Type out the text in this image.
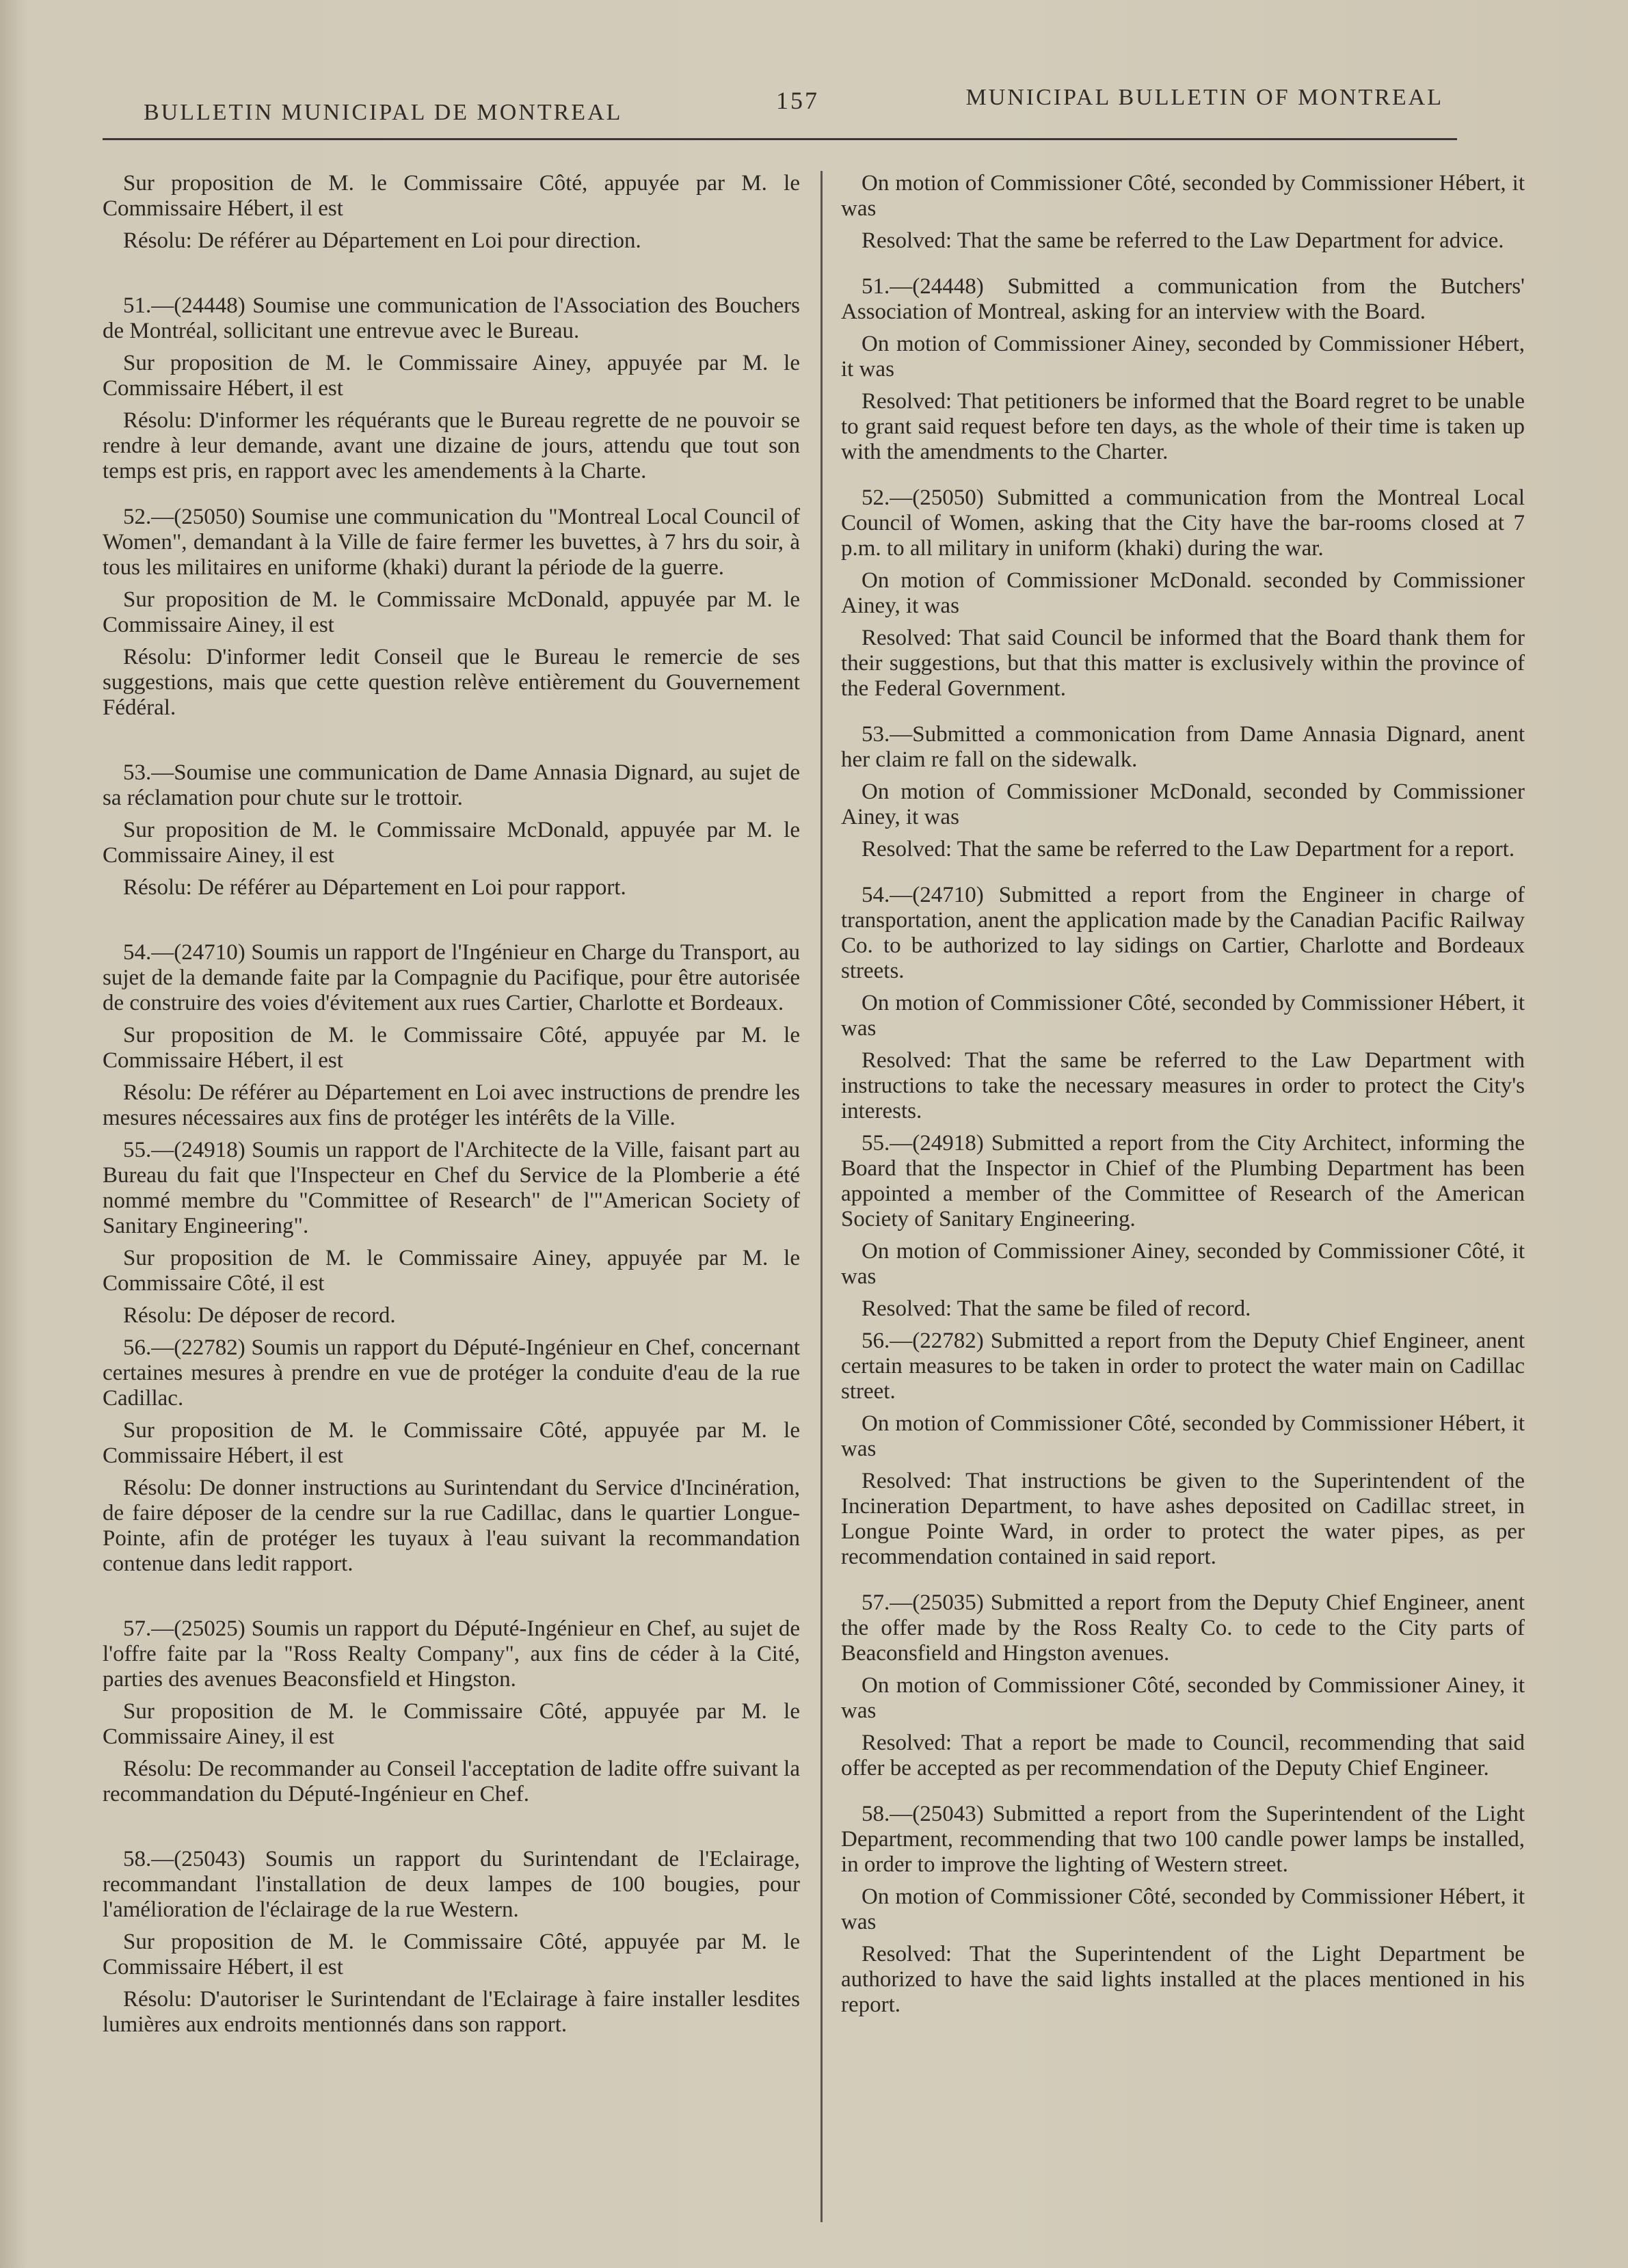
BULLETIN MUNICIPAL DE MONTREAL	157	MUNICIPAL BULLETIN OF MONTREAL

Sur proposition de M. le Commissaire Côté, appuyée par M. le Commissaire Hébert, il est

Résolu: De référer au Département en Loi pour direction.

51.—(24448) Soumise une communication de l'Association des Bouchers de Montréal, sollicitant une entrevue avec le Bureau.

Sur proposition de M. le Commissaire Ainey, appuyée par M. le Commissaire Hébert, il est

Résolu: D'informer les réquérants que le Bureau regrette de ne pouvoir se rendre à leur demande, avant une dizaine de jours, attendu que tout son temps est pris, en rapport avec les amendements à la Charte.

52.—(25050) Soumise une communication du "Montreal Local Council of Women", demandant à la Ville de faire fermer les buvettes, à 7 hrs du soir, à tous les militaires en uniforme (khaki) durant la période de la guerre.

Sur proposition de M. le Commissaire McDonald, appuyée par M. le Commissaire Ainey, il est

Résolu: D'informer ledit Conseil que le Bureau le remercie de ses suggestions, mais que cette question relève entièrement du Gouvernement Fédéral.

53.—Soumise une communication de Dame Annasia Dignard, au sujet de sa réclamation pour chute sur le trottoir.

Sur proposition de M. le Commissaire McDonald, appuyée par M. le Commissaire Ainey, il est

Résolu: De référer au Département en Loi pour rapport.

54.—(24710) Soumis un rapport de l'Ingénieur en Charge du Transport, au sujet de la demande faite par la Compagnie du Pacifique, pour être autorisée de construire des voies d'évitement aux rues Cartier, Charlotte et Bordeaux.

Sur proposition de M. le Commissaire Côté, appuyée par M. le Commissaire Hébert, il est

Résolu: De référer au Département en Loi avec instructions de prendre les mesures nécessaires aux fins de protéger les intérêts de la Ville.

55.—(24918) Soumis un rapport de l'Architecte de la Ville, faisant part au Bureau du fait que l'Inspecteur en Chef du Service de la Plomberie a été nommé membre du "Committee of Research" de l'"American Society of Sanitary Engineering".

Sur proposition de M. le Commissaire Ainey, appuyée par M. le Commissaire Côté, il est

Résolu: De déposer de record.

56.—(22782) Soumis un rapport du Député-Ingénieur en Chef, concernant certaines mesures à prendre en vue de protéger la conduite d'eau de la rue Cadillac.

Sur proposition de M. le Commissaire Côté, appuyée par M. le Commissaire Hébert, il est

Résolu: De donner instructions au Surintendant du Service d'Incinération, de faire déposer de la cendre sur la rue Cadillac, dans le quartier Longue-Pointe, afin de protéger les tuyaux à l'eau suivant la recommandation contenue dans ledit rapport.

57.—(25025) Soumis un rapport du Député-Ingénieur en Chef, au sujet de l'offre faite par la "Ross Realty Company", aux fins de céder à la Cité, parties des avenues Beaconsfield et Hingston.

Sur proposition de M. le Commissaire Côté, appuyée par M. le Commissaire Ainey, il est

Résolu: De recommander au Conseil l'acceptation de ladite offre suivant la recommandation du Député-Ingénieur en Chef.

58.—(25043) Soumis un rapport du Surintendant de l'Eclairage, recommandant l'installation de deux lampes de 100 bougies, pour l'amélioration de l'éclairage de la rue Western.

Sur proposition de M. le Commissaire Côté, appuyée par M. le Commissaire Hébert, il est

Résolu: D'autoriser le Surintendant de l'Eclairage à faire installer lesdites lumières aux endroits mentionnés dans son rapport.

On motion of Commissioner Côté, seconded by Commissioner Hébert, it was

Resolved: That the same be referred to the Law Department for advice.

51.—(24448) Submitted a communication from the Butchers' Association of Montreal, asking for an interview with the Board.

On motion of Commissioner Ainey, seconded by Commissioner Hébert, it was

Resolved: That petitioners be informed that the Board regret to be unable to grant said request before ten days, as the whole of their time is taken up with the amendments to the Charter.

52.—(25050) Submitted a communication from the Montreal Local Council of Women, asking that the City have the bar-rooms closed at 7 p.m. to all military in uniform (khaki) during the war.

On motion of Commissioner McDonald. seconded by Commissioner Ainey, it was

Resolved: That said Council be informed that the Board thank them for their suggestions, but that this matter is exclusively within the province of the Federal Government.

53.—Submitted a commonication from Dame Annasia Dignard, anent her claim re fall on the sidewalk.

On motion of Commissioner McDonald, seconded by Commissioner Ainey, it was

Resolved: That the same be referred to the Law Department for a report.

54.—(24710) Submitted a report from the Engineer in charge of transportation, anent the application made by the Canadian Pacific Railway Co. to be authorized to lay sidings on Cartier, Charlotte and Bordeaux streets.

On motion of Commissioner Côté, seconded by Commissioner Hébert, it was

Resolved: That the same be referred to the Law Department with instructions to take the necessary measures in order to protect the City's interests.

55.—(24918) Submitted a report from the City Architect, informing the Board that the Inspector in Chief of the Plumbing Department has been appointed a member of the Committee of Research of the American Society of Sanitary Engineering.

On motion of Commissioner Ainey, seconded by Commissioner Côté, it was

Resolved: That the same be filed of record.

56.—(22782) Submitted a report from the Deputy Chief Engineer, anent certain measures to be taken in order to protect the water main on Cadillac street.

On motion of Commissioner Côté, seconded by Commissioner Hébert, it was

Resolved: That instructions be given to the Superintendent of the Incineration Department, to have ashes deposited on Cadillac street, in Longue Pointe Ward, in order to protect the water pipes, as per recommendation contained in said report.

57.—(25035) Submitted a report from the Deputy Chief Engineer, anent the offer made by the Ross Realty Co. to cede to the City parts of Beaconsfield and Hingston avenues.

On motion of Commissioner Côté, seconded by Commissioner Ainey, it was

Resolved: That a report be made to Council, recommending that said offer be accepted as per recommendation of the Deputy Chief Engineer.

58.—(25043) Submitted a report from the Superintendent of the Light Department, recommending that two 100 candle power lamps be installed, in order to improve the lighting of Western street.

On motion of Commissioner Côté, seconded by Commissioner Hébert, it was

Resolved: That the Superintendent of the Light Department be authorized to have the said lights installed at the places mentioned in his report.
